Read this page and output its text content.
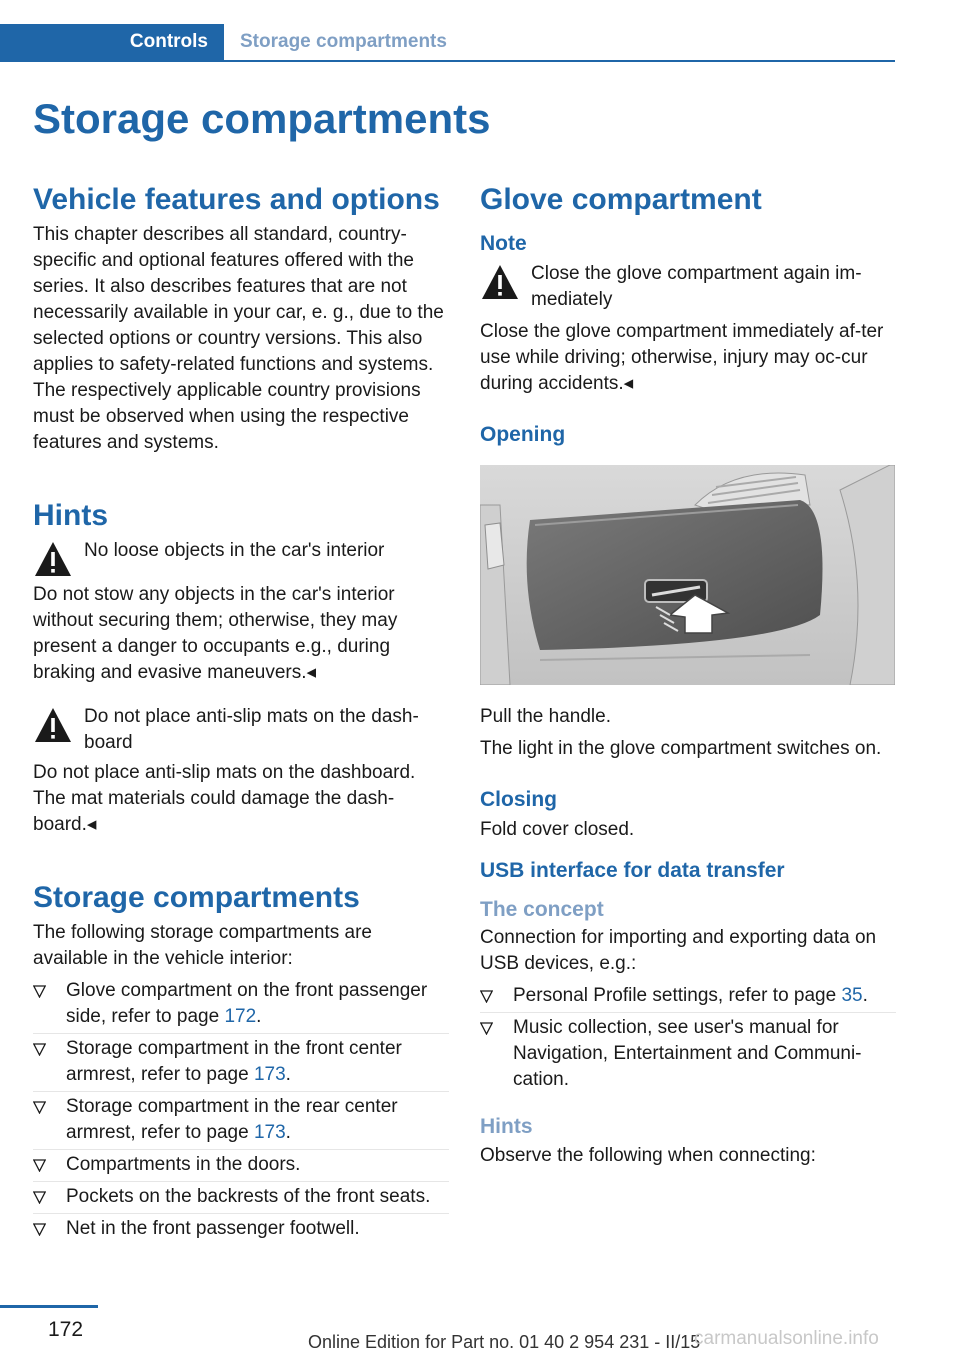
Controls	Storage compartments
Storage compartments
Vehicle features and options

This chapter describes all standard, country-specific and optional features offered with the series. It also describes features that are not necessarily available in your car, e. g., due to the selected options or country versions. This also applies to safety-related functions and systems. The respectively applicable country provisions must be observed when using the respective features and systems.

Hints

No loose objects in the car's interior

Do not stow any objects in the car's interior without securing them; otherwise, they may present a danger to occupants e.g., during braking and evasive maneuvers.◂

Do not place anti-slip mats on the dash-board

Do not place anti-slip mats on the dashboard. The mat materials could damage the dash-board.◂

Storage compartments

The following storage compartments are available in the vehicle interior:

Glove compartment on the front passenger side, refer to page 172.
Storage compartment in the front center armrest, refer to page 173.
Storage compartment in the rear center armrest, refer to page 173.
Compartments in the doors.
Pockets on the backrests of the front seats.
Net in the front passenger footwell.
Glove compartment
Note

Close the glove compartment again im-mediately

Close the glove compartment immediately af-ter use while driving; otherwise, injury may oc-cur during accidents.◂

Opening

Pull the handle.

The light in the glove compartment switches on.

Closing

Fold cover closed.

USB interface for data transfer
The concept

Connection for importing and exporting data on USB devices, e.g.:

Personal Profile settings, refer to page 35.
Music collection, see user's manual for Navigation, Entertainment and Communi-cation.
Hints

Observe the following when connecting:

172
Online Edition for Part no. 01 40 2 954 231 - II/15
carmanualsonline.info
